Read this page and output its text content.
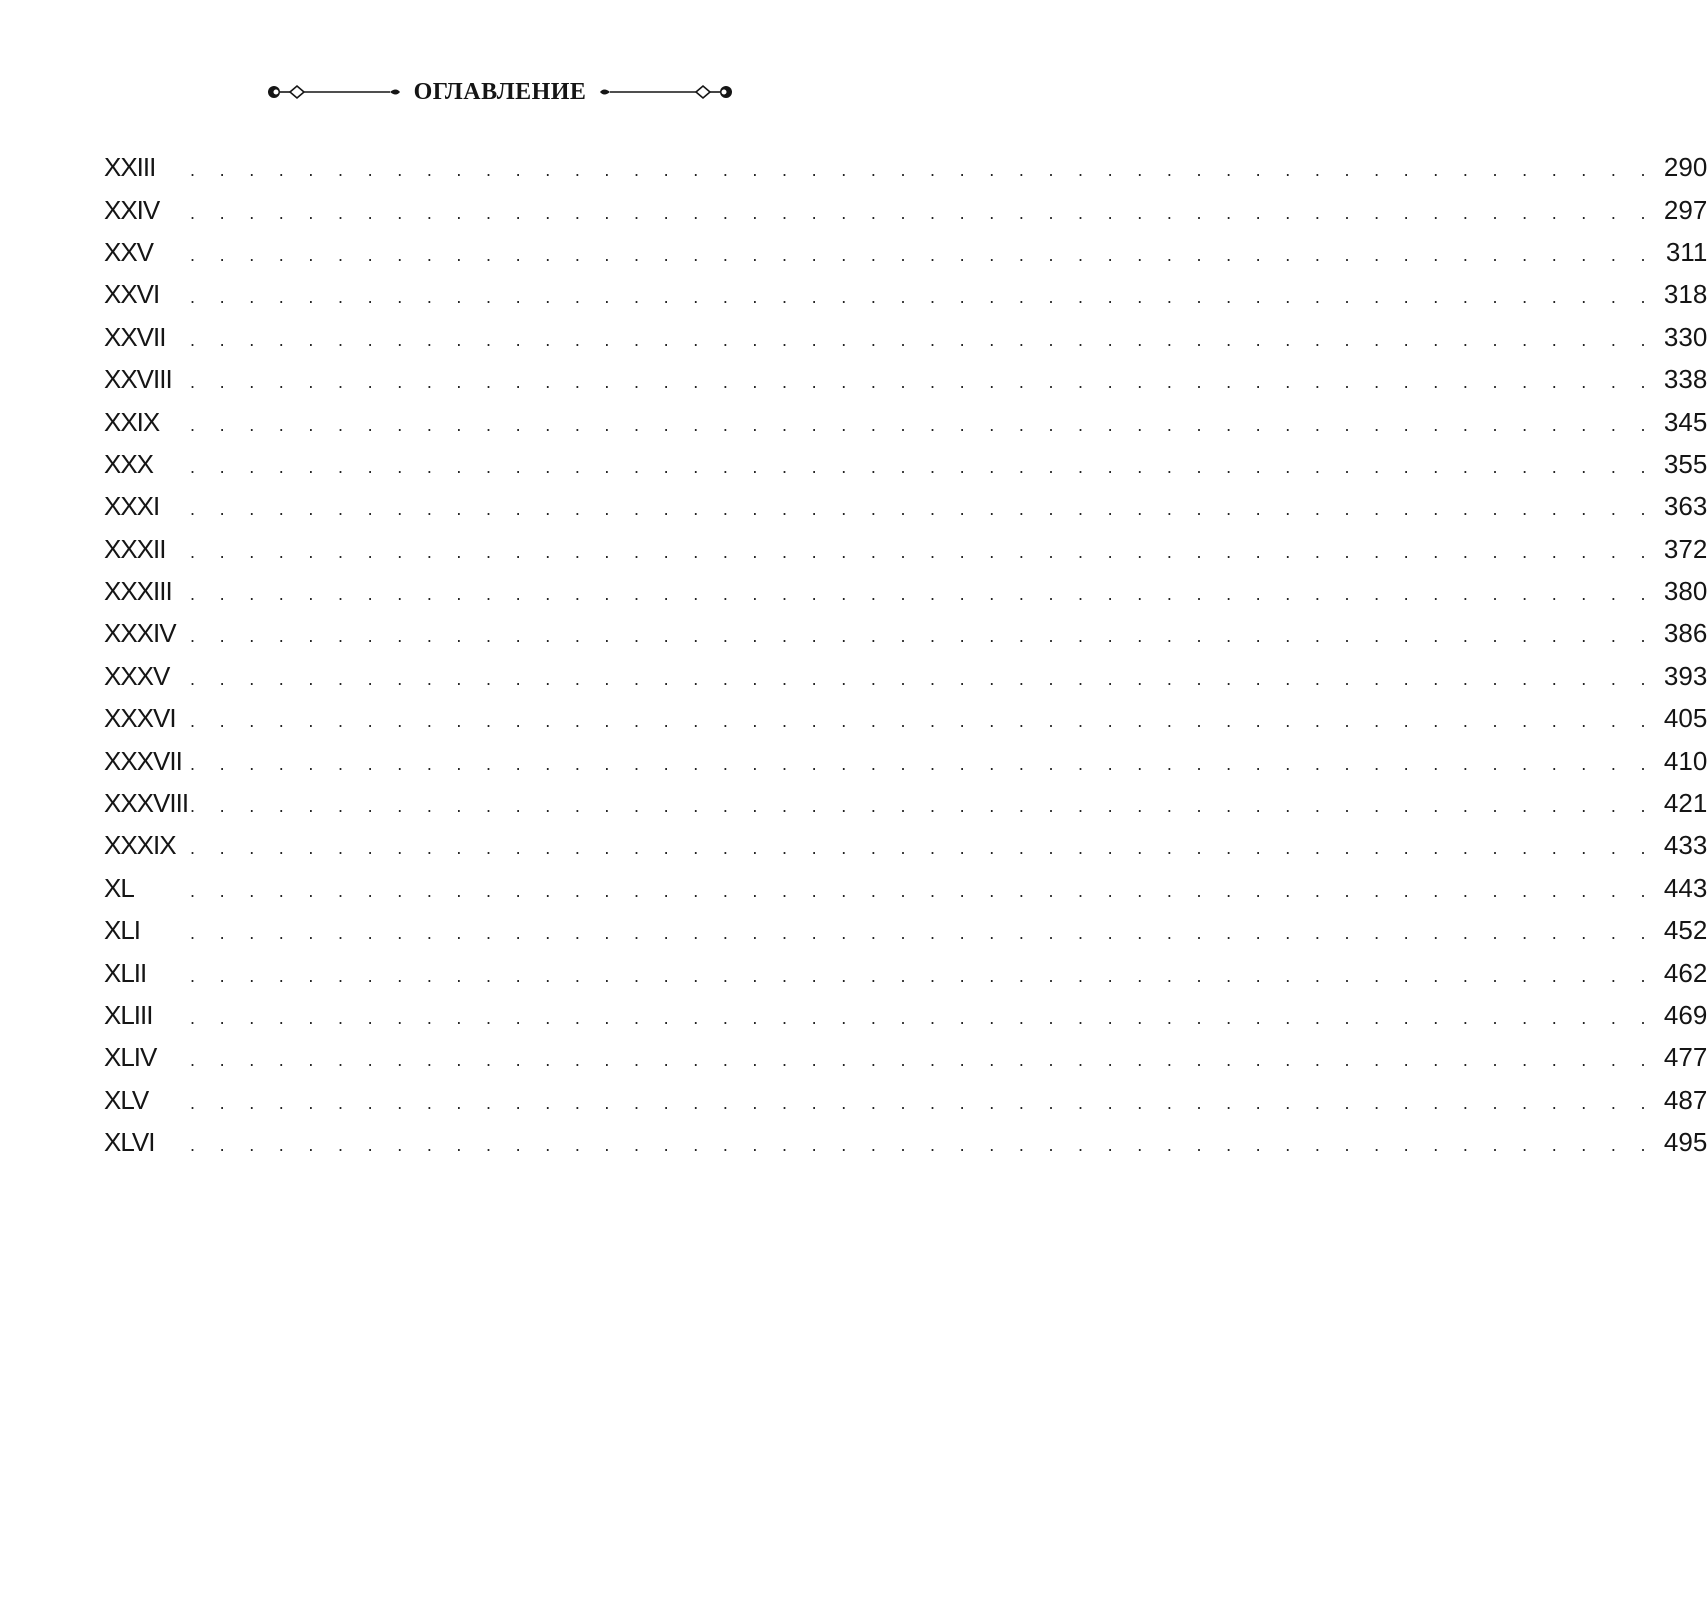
ОГЛАВЛЕНИЕ
XXIII	. . . . . . . . . . . . . . . . . . . . . . . . . . . . . . . . . . . . . . . . . . . . . . . . . . 290
XXIV	. . . . . . . . . . . . . . . . . . . . . . . . . . . . . . . . . . . . . . . . . . . . . . . . . . 297
XXV	. . . . . . . . . . . . . . . . . . . . . . . . . . . . . . . . . . . . . . . . . . . . . . . . . . 311
XXVI	. . . . . . . . . . . . . . . . . . . . . . . . . . . . . . . . . . . . . . . . . . . . . . . . . . 318
XXVII	. . . . . . . . . . . . . . . . . . . . . . . . . . . . . . . . . . . . . . . . . . . . . . . . . . 330
XXVIII	. . . . . . . . . . . . . . . . . . . . . . . . . . . . . . . . . . . . . . . . . . . . . . . . . . 338
XXIX	. . . . . . . . . . . . . . . . . . . . . . . . . . . . . . . . . . . . . . . . . . . . . . . . . . 345
XXX	. . . . . . . . . . . . . . . . . . . . . . . . . . . . . . . . . . . . . . . . . . . . . . . . . . 355
XXXI	. . . . . . . . . . . . . . . . . . . . . . . . . . . . . . . . . . . . . . . . . . . . . . . . . . 363
XXXII	. . . . . . . . . . . . . . . . . . . . . . . . . . . . . . . . . . . . . . . . . . . . . . . . . . 372
XXXIII	. . . . . . . . . . . . . . . . . . . . . . . . . . . . . . . . . . . . . . . . . . . . . . . . . . 380
XXXIV . . . . . . . . . . . . . . . . . . . . . . . . . . . . . . . . . . . . . . . . . . . . . . . . . . 386
XXXV	. . . . . . . . . . . . . . . . . . . . . . . . . . . . . . . . . . . . . . . . . . . . . . . . . . 393
XXXVI . . . . . . . . . . . . . . . . . . . . . . . . . . . . . . . . . . . . . . . . . . . . . . . . . . 405
XXXVII . . . . . . . . . . . . . . . . . . . . . . . . . . . . . . . . . . . . . . . . . . . . . . . . . . 410
XXXVIII . . . . . . . . . . . . . . . . . . . . . . . . . . . . . . . . . . . . . . . . . . . . . . . . . . 421
XXXIX . . . . . . . . . . . . . . . . . . . . . . . . . . . . . . . . . . . . . . . . . . . . . . . . . . 433
XL	. . . . . . . . . . . . . . . . . . . . . . . . . . . . . . . . . . . . . . . . . . . . . . . . . . 443
XLI	. . . . . . . . . . . . . . . . . . . . . . . . . . . . . . . . . . . . . . . . . . . . . . . . . . 452
XLII	. . . . . . . . . . . . . . . . . . . . . . . . . . . . . . . . . . . . . . . . . . . . . . . . . . 462
XLIII	. . . . . . . . . . . . . . . . . . . . . . . . . . . . . . . . . . . . . . . . . . . . . . . . . . 469
XLIV	. . . . . . . . . . . . . . . . . . . . . . . . . . . . . . . . . . . . . . . . . . . . . . . . . . 477
XLV	. . . . . . . . . . . . . . . . . . . . . . . . . . . . . . . . . . . . . . . . . . . . . . . . . . 487
XLVI	. . . . . . . . . . . . . . . . . . . . . . . . . . . . . . . . . . . . . . . . . . . . . . . . . . 495
